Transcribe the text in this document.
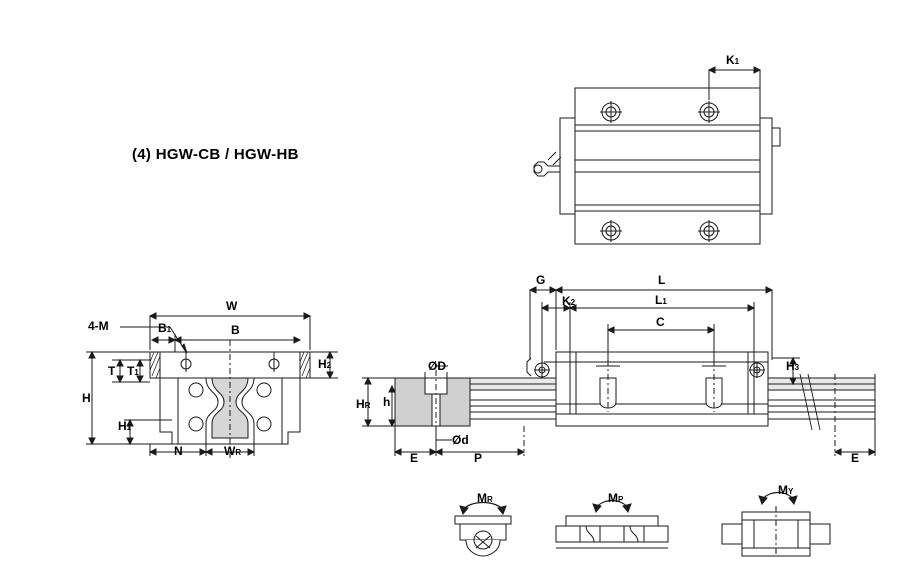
(4) HGW-CB / HGW-HB
K1
4-M
W
B
B1
T T1
H
H1
H2
N	WR
G	L
L1
K2
C
H3
HR h
ØD
Ød
E	P	E
MR	MP
MY
